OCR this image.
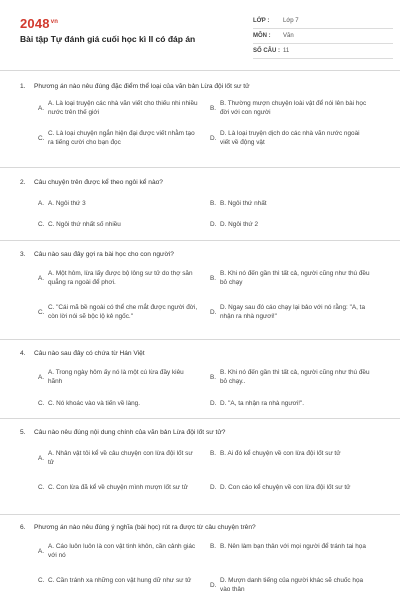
$2048^{vn}$
Bài tập Tự đánh giá cuối học kì II có đáp án
LỚP :	Lớp 7
MÔN :	Văn
SỐ CÂU : 11
1.	Phương án nào nêu đúng đặc điểm thể loại của văn bản Lừa đội lốt sư tử
A.
A. Là loại truyện các nhà văn viết cho thiếu nhi nhiều nước trên thế giới
B.
B. Thường mượn chuyện loài vật để nói lên bài học đời với con người
C.
C. Là loại chuyện ngắn hiện đại được viết nhằm tạo ra tiếng cười cho bạn đọc
D.
D. Là loại truyện dịch do các nhà văn nước ngoài viết về động vật
2.	Câu chuyện trên được kể theo ngôi kể nào?
A. A. Ngôi thứ 3	B. B. Ngôi thứ nhất
C. C. Ngôi thứ nhất số nhiều	D. D. Ngôi thứ 2
3.	Câu nào sau đây gợi ra bài học cho con người?
A.
A. Một hôm, lừa lấy được bộ lông sư tử do thợ săn quẳng ra ngoài để phơi.
B.
B. Khi nó đến gần thì tất cả, người cũng như thú đều bỏ chạy
C.
C. "Cái mã bề ngoài có thể che mắt được người đời, còn lời nói sẽ bộc lộ kẻ ngốc."
D.
D. Ngay sau đó cáo chạy lại bảo với nó rằng: "A, ta nhận ra nhà ngươi!"
4.	Câu nào sau đây có chứa từ Hán Việt
A.
A. Trong ngày hôm ấy nó là một cú lừa đầy kiêu hãnh
B.
B. Khi nó đến gần thì tất cả, người cũng như thú đều bỏ chạy..
C. C. Nó khoác vào và tiến về làng.	D. D. "A, ta nhận ra nhà ngươi!".
5.	Câu nào nêu đúng nội dung chính của văn bản Lừa đội lốt sư tử?
A.
A. Nhân vật tôi kể về câu chuyện con lừa đội lốt sư tử
B. B. Ai đó kể chuyện về con lừa đội lốt sư tử
C. C. Con lừa đã kể về chuyện mình mượn lốt sư tử	D. D. Con cáo kể chuyện về con lừa đội lốt sư tử
6.	Phương án nào nêu đúng ý nghĩa (bài học) rút ra được từ câu chuyện trên?
A.
A. Cáo luôn luôn là con vật tinh khôn, cần cảnh giác với nó
B. B. Nên làm bạn thân với mọi người để tránh tai họa
C. C. Cần tránh xa những con vật hung dữ như sư tử
D.
D. Mượn danh tiếng của người khác sẽ chuốc họa vào thân
